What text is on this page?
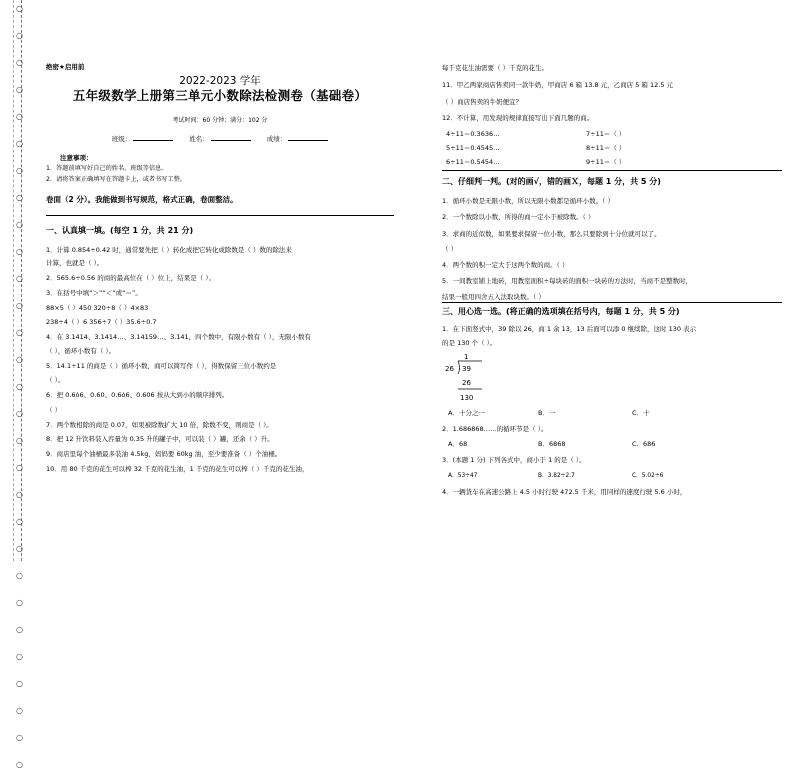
○
○
○
○
○
○
○
○
○
○
○
○
○
○
○
○
○
○
○
○
○
○
○
○
○
○
○
○
○
绝密★启用前
2022-2023 学年
五年级数学上册第三单元小数除法检测卷（基础卷）
考试时间：60 分钟；满分：102 分
班级：	姓名：	成绩：
注意事项：
1．答题前填写好自己的姓名、班级等信息。
2．请将答案正确填写在答题卡上，或者书写工整。
卷面（2 分）。我能做到书写规范，格式正确，卷面整洁。
一、认真填一填。(每空 1 分，共 21 分)
1．计算 0.854÷0.42 时，通常要先把（ ）转化成把它转化成除数是（ ）数的除法来
计算，也就是（ ）。
2．565.6÷0.56 的商的最高位在（ ）位上，结果是（ ）。
3．在括号中填“＞”“＜”或“＝”。
88×5（ ）450 320÷8（ ）4×83
238÷4（ ）6 356÷7（ ）35.6÷0.7
4．在 3.1414、3.1414…、3.14159…、3.1̇4̇1，四个数中，有限小数有（ ），无限小数有
（ ），循环小数有（ ）。
5．14.1÷11 的商是（ ）循环小数，商可以简写作（ ），得数保留三位小数约是
（ ）。
6．把 0.6ȯ6、0.6̇0、0.6ȯ6、0.606 按从大到小的顺序排列。
（ ）
7．两个数相除的商是 0.07，如果被除数扩大 10 倍，除数不变，则商是（ ）。
8．把 12 升饮料装入容量为 0.35 升的罐子中，可以装（ ）罐，还余（ ）升。
9．商店里每个油桶最多装油 4.5kg，妈妈要 60kg 油，至少要准备（ ）个油桶。
10．用 80 千克的花生可以榨 32 千克的花生油，1 千克的花生可以榨（ ）千克的花生油，
二、仔细判一判。(对的画√，错的画Ｘ，每题 1 分，共 5 分)
三、用心选一选。(将正确的选项填在括号内，每题 1 分，共 5 分)
1．在下面竖式中，39 除以 26，商 1 余 13，13 后面可以添 0 继续除，这时 130 表示
的是 130 个（ ）。
1
26 39
26
130
A．十分之一	B．一	C．十
2．1.686868……的循环节是（ ）。
A．68	B．6868	C．686
3．(本题 1 分) 下列各式中，商小于 1 的是（ ）。
A．53÷47	B．3.82÷2.7	C．5.02÷6
4．一辆货车在高速公路上 4.5 小时行驶 472.5 千米，用同样的速度行驶 5.6 小时，
每千克花生油需要（ ）千克的花生。
11．甲乙两家商店售卖同一款牛奶，甲商店 6 箱 13.8 元，乙商店 5 箱 12.5 元
（ ）商店售卖的牛奶便宜？
12．不计算，用发现的规律直接写出下面几题的商。
4÷11＝0.3636…	7÷11＝（ ）
5÷11＝0.4545…	8÷11＝（ ）
6÷11＝0.5454…	9÷11＝（ ）
1．循环小数是无限小数，所以无限小数都是循环小数。（ ）
2．一个数除以小数，所得的商一定小于被除数。（ ）
3．求商的近似数，如果要求保留一位小数，那么只要除到十分位就可以了。
（ ）
4．两个数的积一定大于这两个数的商。（ ）
5．一间教室铺上地砖，用教室面积÷每块砖的面积一块砖的方法时，当商不是整数时，
结果一般用四舍五入法取块数。（ ）
